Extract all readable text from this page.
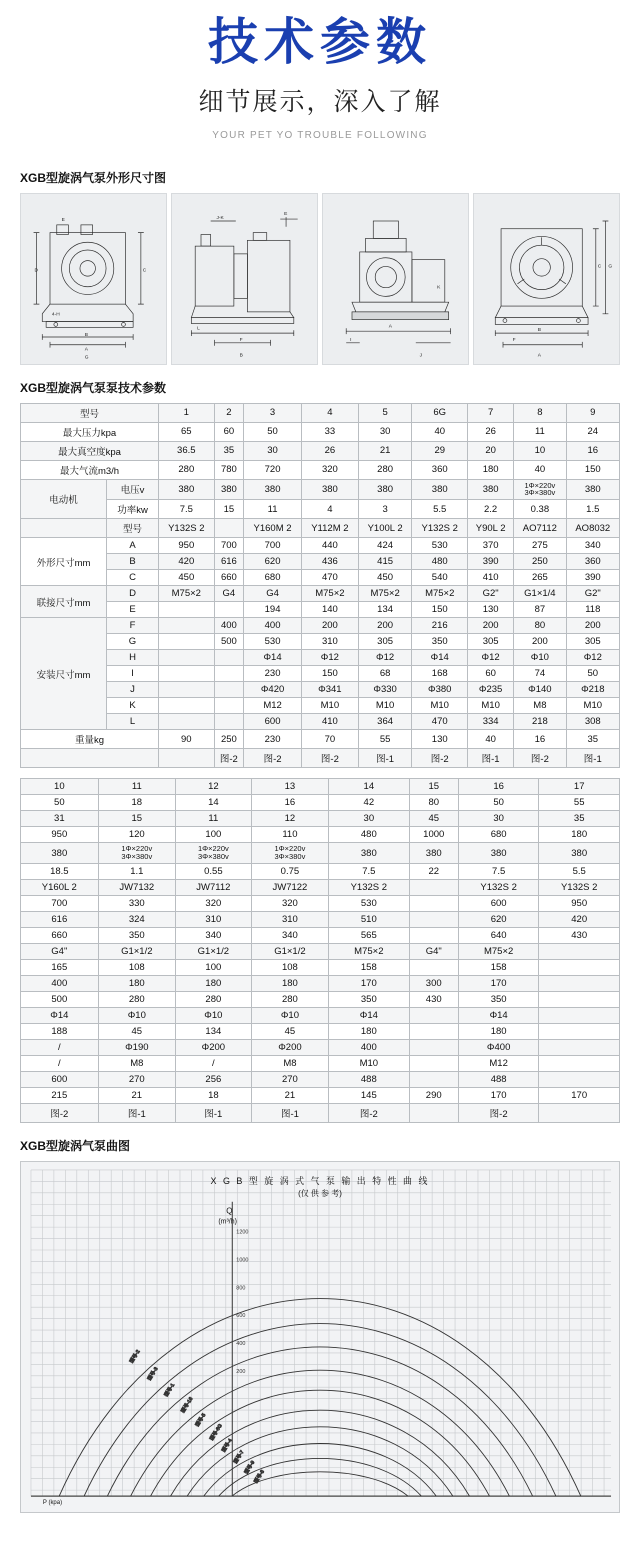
技术参数
细节展示，深入了解
YOUR PET YO TROUBLE FOLLOWING
XGB型旋涡气泵外形尺寸图
E
D	C
B
A
G
4-H
J-K
E
L
F
B
A
I
J
K
C G
B
A
F
XGB型旋涡气泵泵技术参数
型号		1	2	3	4	5	6G	7	8	9
最大压力kpa		65	60	50	33	30	40	26	11	24
最大真空度kpa		36.5	35	30	26	21	29	20	10	16
最大气流m3/h		280	780	720	320	280	360	180	40	150
电动机	电压v	380	380	380	380	380	380	380	1Φ×220v
3Φ×380v	380
	功率kw	7.5	15	11	4	3	5.5	2.2	0.38	1.5
	型号	Y132S 2		Y160M 2	Y112M 2	Y100L 2	Y132S 2	Y90L 2	AO7112	AO8032
外形尺寸mm	A	950	700	700	440	424	530	370	275	340
	B	420	616	620	436	415	480	390	250	360
	C	450	660	680	470	450	540	410	265	390
联接尺寸mm	D	M75×2	G4	G4	M75×2	M75×2	M75×2	G2"	G1×1/4	G2"
	E			194	140	134	150	130	87	118
安装尺寸mm	F		400	400	200	200	216	200	80	200
	G		500	530	310	305	350	305	200	305
	H			Φ14	Φ12	Φ12	Φ14	Φ12	Φ10	Φ12
	I			230	150	68	168	60	74	50
	J			Φ420	Φ341	Φ330	Φ380	Φ235	Φ140	Φ218
	K			M12	M10	M10	M10	M10	M8	M10
	L			600	410	364	470	334	218	308
重量kg		90	250	230	70	55	130	40	16	35
			图-2	图-2	图-2	图-1	图-2	图-1	图-2	图-1
10	11	12	13	14	15	16	17
50	18	14	16	42	80	50	55
31	15	11	12	30	45	30	35
950	120	100	110	480	1000	680	180
380	1Φ×220v
3Φ×380v	1Φ×220v
3Φ×380v	1Φ×220v
3Φ×380v	380	380	380	380
18.5	1.1	0.55	0.75	7.5	22	7.5	5.5
Y160L 2	JW7132	JW7112	JW7122	Y132S 2		Y132S 2	Y132S 2
700	330	320	320	530		600	950
616	324	310	310	510		620	420
660	350	340	340	565		640	430
G4"	G1×1/2	G1×1/2	G1×1/2	M75×2	G4"	M75×2	
165	108	100	108	158		158	
400	180	180	180	170	300	170	
500	280	280	280	350	430	350	
Φ14	Φ10	Φ10	Φ10	Φ14		Φ14	
188	45	134	45	180		180	
/	Φ190	Φ200	Φ200	400		Φ400	
/	M8	/	M8	M10		M12	
600	270	256	270	488		488	
215	21	18	21	145	290	170	170
图-2	图-1	图-1	图-1	图-2		图-2	
XGB型旋涡气泵曲图
型号-2
型号-3
型号-1
型号-16
型号-5
型号-6G
型号-4
型号-7
型号-9
型号-8
X G B 型 旋 涡 式 气 泵 输 出 特 性 曲 线
(仅 供 参 考)
Q
(m³/h)
1200
1000
800
600
400
200
P (kpa)
